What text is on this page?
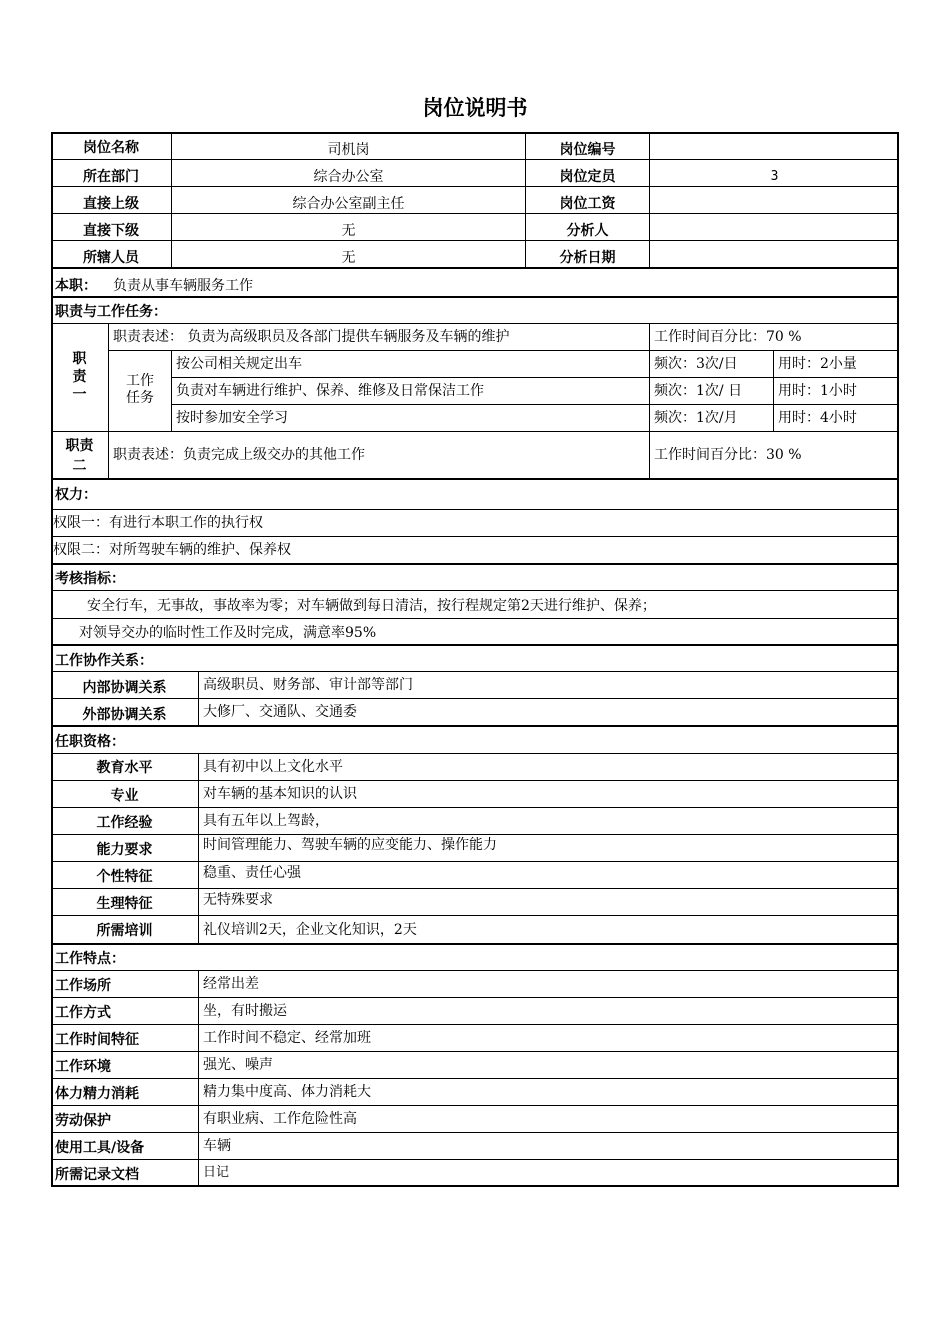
岗位说明书
岗位名称	司机岗	岗位编号
所在部门	综合办公室	岗位定员	3
直接上级	综合办公室副主任	岗位工资
直接下级	无	分析人
所辖人员	无	分析日期
本职：	负责从事车辆服务工作
职责与工作任务：
职责一
职责表述： 负责为高级职员及各部门提供车辆服务及车辆的维护	工作时间百分比：70 %
工作任务
按公司相关规定出车	频次：3次/日	用时：2小量
负责对车辆进行维护、保养、维修及日常保洁工作	频次：1次/ 日	用时：1小时
按时参加安全学习	频次：1次/月	用时：4小时
职责二
职责表述：负责完成上级交办的其他工作	工作时间百分比：30 %
权力：
权限一：有进行本职工作的执行权
权限二：对所驾驶车辆的维护、保养权
考核指标：
安全行车，无事故，事故率为零；对车辆做到每日清洁，按行程规定第2天进行维护、保养；
对领导交办的临时性工作及时完成，满意率95%
工作协作关系：
内部协调关系	高级职员、财务部、审计部等部门
外部协调关系	大修厂、交通队、交通委
任职资格：
教育水平	具有初中以上文化水平
专业	对车辆的基本知识的认识
工作经验	具有五年以上驾龄，
能力要求	时间管理能力、驾驶车辆的应变能力、操作能力
个性特征	稳重、责任心强
生理特征	无特殊要求
所需培训	礼仪培训2天，企业文化知识，2天
工作特点：
工作场所	经常出差
工作方式	坐，有时搬运
工作时间特征	工作时间不稳定、经常加班
工作环境	强光、噪声
体力精力消耗	精力集中度高、体力消耗大
劳动保护	有职业病、工作危险性高
使用工具/设备	车辆
所需记录文档	日记
